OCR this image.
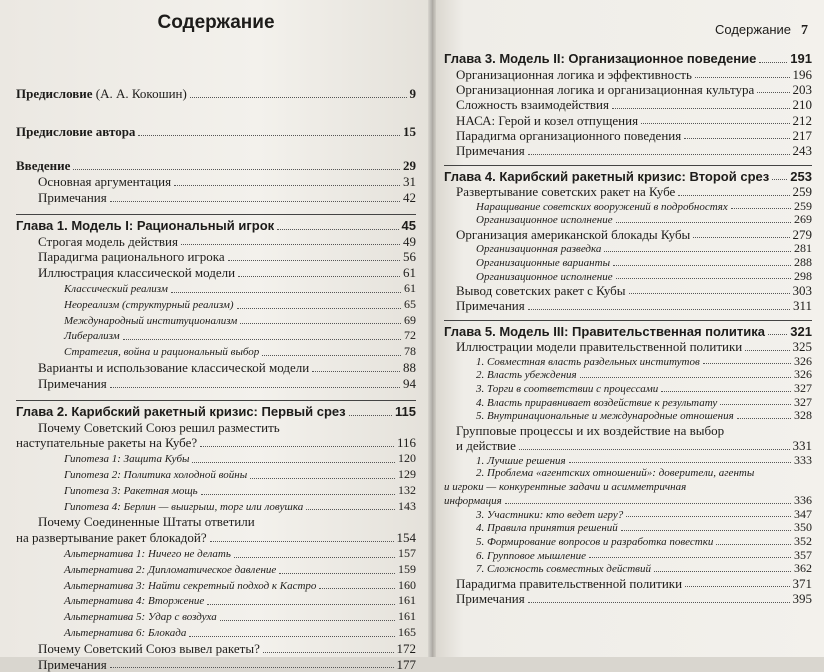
Содержание
Предисловие (А. А. Кокошин)	9
Предисловие автора	15
Введение	29
Основная аргументация	31
Примечания	42
Глава 1. Модель I: Рациональный игрок	45
Строгая модель действия	49
Парадигма рационального игрока	56
Иллюстрация классической модели	61
Классический реализм	61
Неореализм (структурный реализм)	65
Международный институционализм	69
Либерализм	72
Стратегия, война и рациональный выбор	78
Варианты и использование классической модели	88
Примечания	94
Глава 2. Карибский ракетный кризис: Первый срез	115
Почему Советский Союз решил разместить
наступательные ракеты на Кубе?	116
Гипотеза 1: Защита Кубы	120
Гипотеза 2: Политика холодной войны	129
Гипотеза 3: Ракетная мощь	132
Гипотеза 4: Берлин — выигрыш, торг или ловушка	143
Почему Соединенные Штаты ответили
на развертывание ракет блокадой?	154
Альтернатива 1: Ничего не делать	157
Альтернатива 2: Дипломатическое давление	159
Альтернатива 3: Найти секретный подход к Кастро	160
Альтернатива 4: Вторжение	161
Альтернатива 5: Удар с воздуха	161
Альтернатива 6: Блокада	165
Почему Советский Союз вывел ракеты?	172
Примечания	177
Содержание 7
Глава 3. Модель II: Организационное поведение	191
Организационная логика и эффективность	196
Организационная логика и организационная культура	203
Сложность взаимодействия	210
НАСА: Герой и козел отпущения	212
Парадигма организационного поведения	217
Примечания	243
Глава 4. Карибский ракетный кризис: Второй срез 253
Развертывание советских ракет на Кубе	259
Наращивание советских вооружений в подробностях	259
Организационное исполнение	269
Организация американской блокады Кубы	279
Организационная разведка	281
Организационные варианты	288
Организационное исполнение	298
Вывод советских ракет с Кубы	303
Примечания	311
Глава 5. Модель III: Правительственная политика 321
Иллюстрации модели правительственной политики	325
1. Совместная власть раздельных институтов	326
2. Власть убеждения	326
3. Торги в соответствии с процессами	327
4. Власть приравнивает воздействие к результату	327
5. Внутринациональные и международные отношения	328
Групповые процессы и их воздействие на выбор
и действие	331
1. Лучшие решения	333
2. Проблема «агентских отношений»: доверители, агенты
и игроки — конкурентные задачи и асимметричная
информация	336
3. Участники: кто ведет игру?	347
4. Правила принятия решений	350
5. Формирование вопросов и разработка повестки	352
6. Групповое мышление	357
7. Сложность совместных действий	362
Парадигма правительственной политики	371
Примечания	395
